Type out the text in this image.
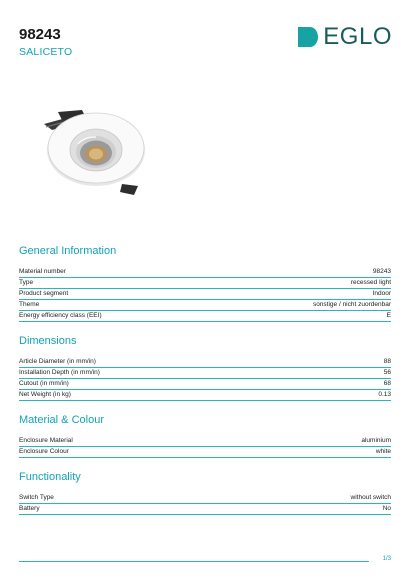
98243
SALICETO
EGLO
General Information
Material number	98243
Type	recessed light
Product segment	Indoor
Theme	sonstige / nicht zuordenbar
Energy efficiency class (EEI)	E
Dimensions
Article Diameter (in mm/in)	88
Installation Depth (in mm/in)	56
Cutout (in mm/in)	68
Net Weight (in kg)	0.13
Material & Colour
Enclosure Material	aluminium
Enclosure Colour	white
Functionality
Switch Type	without switch
Battery	No
1/3
